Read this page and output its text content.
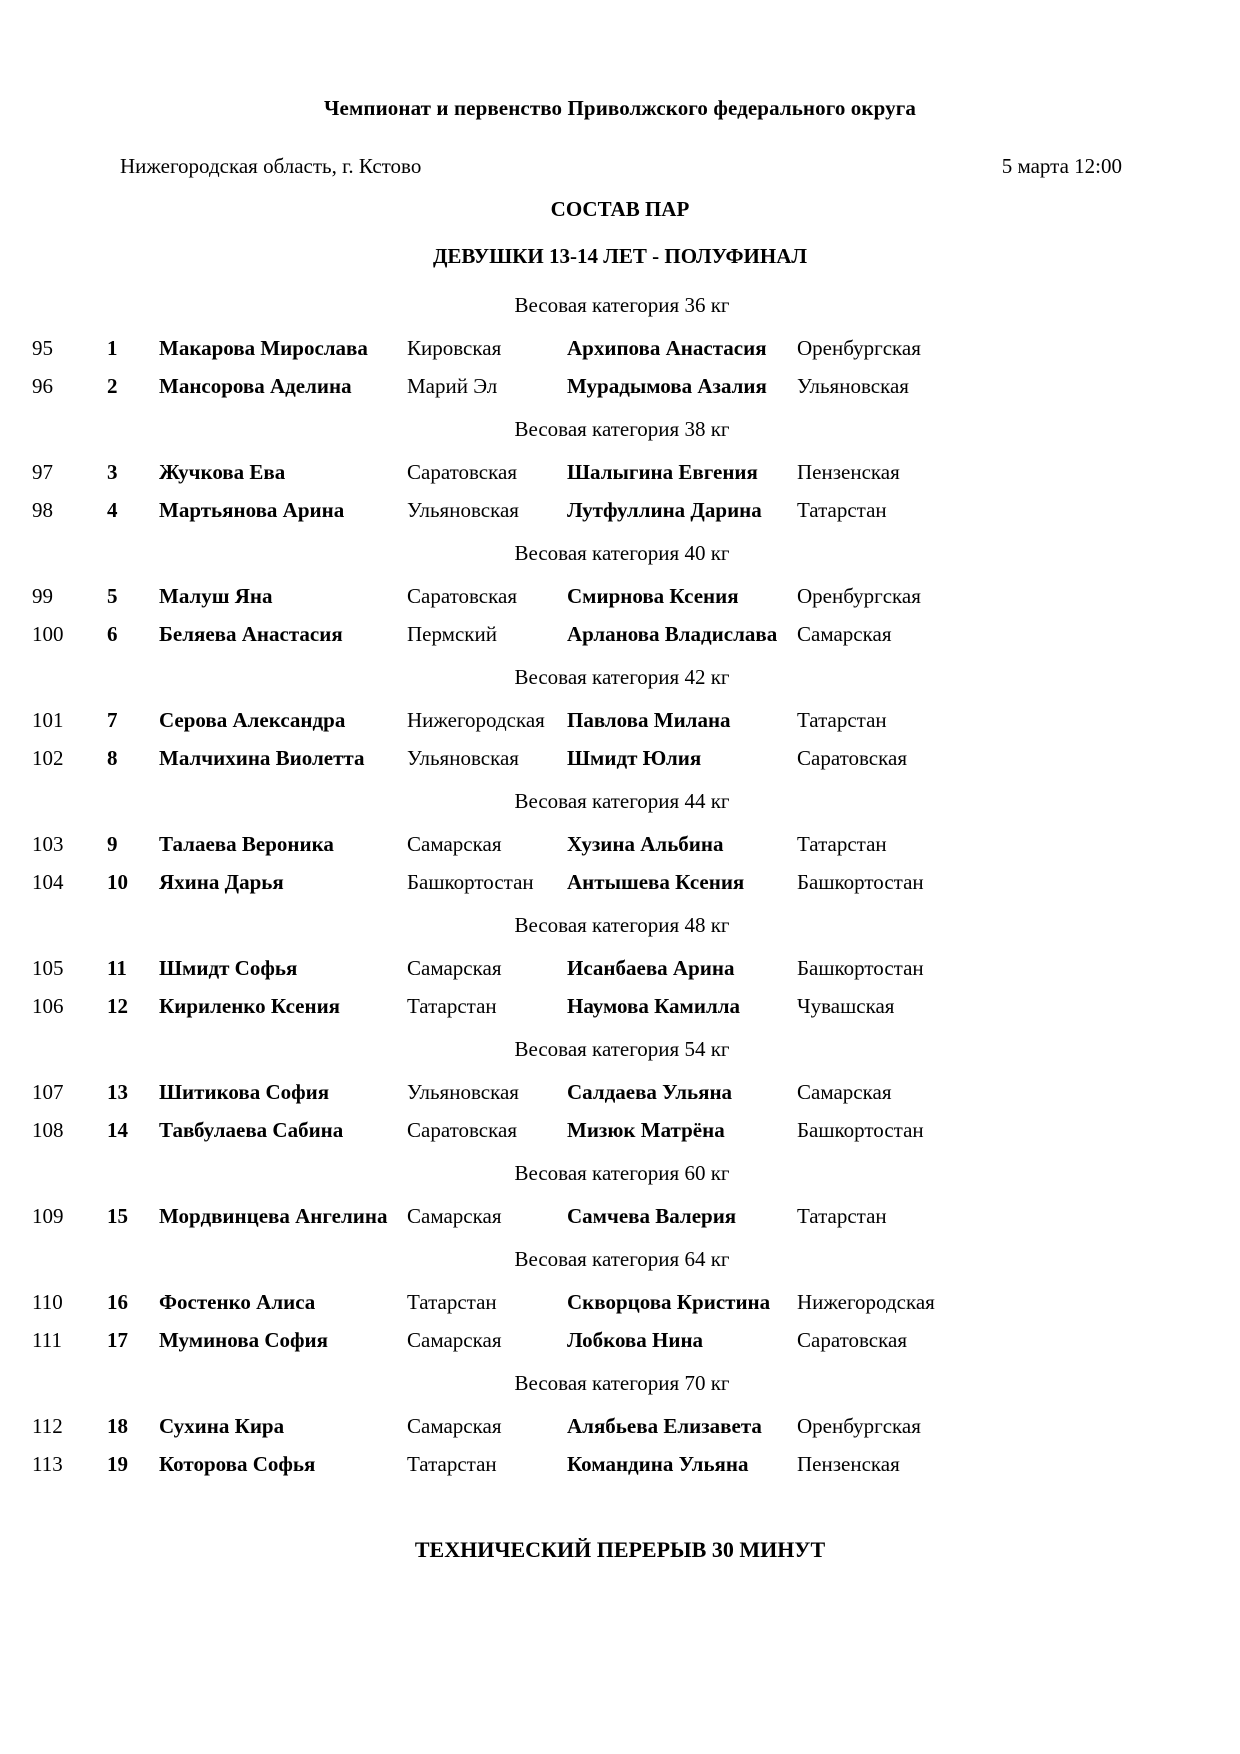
Чемпионат и первенство Приволжского федерального округа
Нижегородская область, г. Кстово	5 марта 12:00
СОСТАВ ПАР
ДЕВУШКИ 13-14 ЛЕТ - ПОЛУФИНАЛ
Весовая категория 36 кг					

95	1	Макарова Мирослава	Кировская	Архипова Анастасия	Оренбургская
96	2	Мансорова Аделина	Марий Эл	Мурадымова Азалия	Ульяновская

Весовая категория 38 кг					

97	3	Жучкова Ева	Саратовская	Шалыгина Евгения	Пензенская
98	4	Мартьянова Арина	Ульяновская	Лутфуллина Дарина	Татарстан

Весовая категория 40 кг					

99	5	Малуш Яна	Саратовская	Смирнова Ксения	Оренбургская
100	6	Беляева Анастасия	Пермский	Арланова Владислава	Самарская

Весовая категория 42 кг					

101	7	Серова Александра	Нижегородская	Павлова Милана	Татарстан
102	8	Малчихина Виолетта	Ульяновская	Шмидт Юлия	Саратовская

Весовая категория 44 кг					

103	9	Талаева Вероника	Самарская	Хузина Альбина	Татарстан
104	10	Яхина Дарья	Башкортостан	Антышева Ксения	Башкортостан

Весовая категория 48 кг					

105	11	Шмидт Софья	Самарская	Исанбаева Арина	Башкортостан
106	12	Кириленко Ксения	Татарстан	Наумова Камилла	Чувашская

Весовая категория 54 кг					

107	13	Шитикова София	Ульяновская	Салдаева Ульяна	Самарская
108	14	Тавбулаева Сабина	Саратовская	Мизюк Матрёна	Башкортостан

Весовая категория 60 кг					

109	15	Мордвинцева Ангелина	Самарская	Самчева Валерия	Татарстан

Весовая категория 64 кг					

110	16	Фостенко Алиса	Татарстан	Скворцова Кристина	Нижегородская
111	17	Муминова София	Самарская	Лобкова Нина	Саратовская

Весовая категория 70 кг					

112	18	Сухина Кира	Самарская	Алябьева Елизавета	Оренбургская
113	19	Которова Софья	Татарстан	Командина Ульяна	Пензенская
ТЕХНИЧЕСКИЙ ПЕРЕРЫВ 30 МИНУТ
